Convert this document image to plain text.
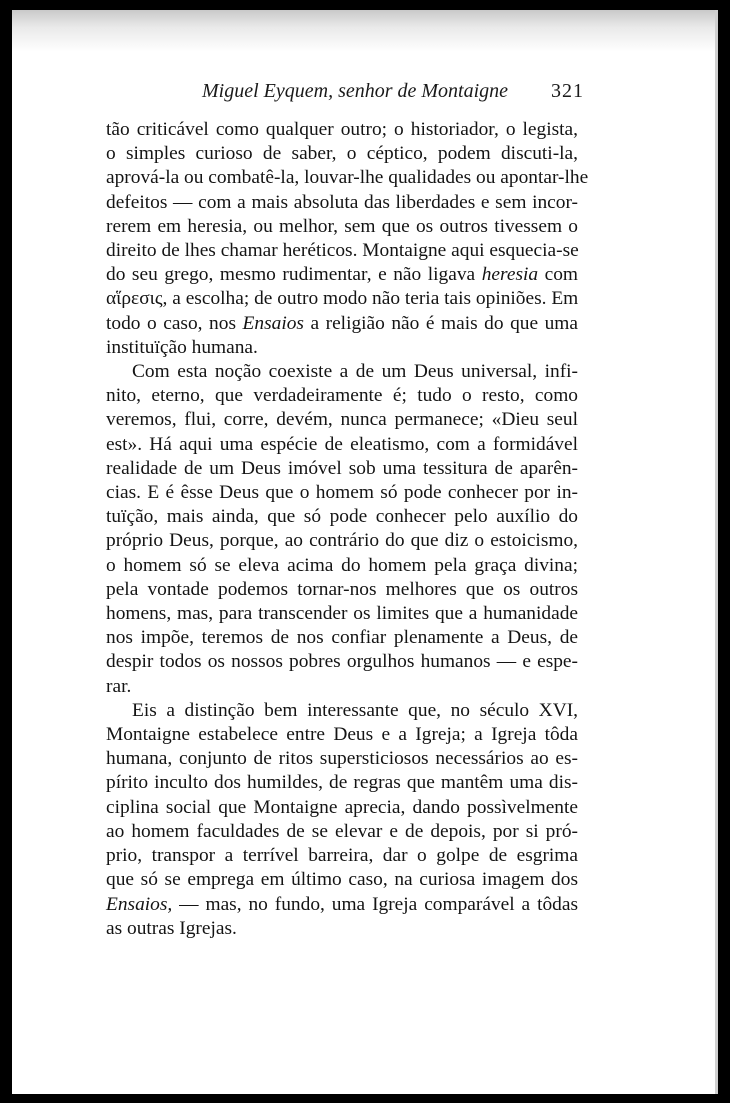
Miguel Eyquem, senhor de Montaigne 321
tão criticável como qualquer outro; o historiador, o legista,
o simples curioso de saber, o céptico, podem discuti-la,
aprová-la ou combatê-la, louvar-lhe qualidades ou apontar-lhe
defeitos — com a mais absoluta das liberdades e sem incor-
rerem em heresia, ou melhor, sem que os outros tivessem o
direito de lhes chamar heréticos. Montaigne aqui esquecia-se
do seu grego, mesmo rudimentar, e não ligava heresia com
αἵρεσις, a escolha; de outro modo não teria tais opiniões. Em
todo o caso, nos Ensaios a religião não é mais do que uma
instituïção humana.
Com esta noção coexiste a de um Deus universal, infi-
nito, eterno, que verdadeiramente é; tudo o resto, como
veremos, flui, corre, devém, nunca permanece; «Dieu seul
est». Há aqui uma espécie de eleatismo, com a formidável
realidade de um Deus imóvel sob uma tessitura de aparên-
cias. E é êsse Deus que o homem só pode conhecer por in-
tuïção, mais ainda, que só pode conhecer pelo auxílio do
próprio Deus, porque, ao contrário do que diz o estoicismo,
o homem só se eleva acima do homem pela graça divina;
pela vontade podemos tornar-nos melhores que os outros
homens, mas, para transcender os limites que a humanidade
nos impõe, teremos de nos confiar plenamente a Deus, de
despir todos os nossos pobres orgulhos humanos — e espe-
rar.
Eis a distinção bem interessante que, no século XVI,
Montaigne estabelece entre Deus e a Igreja; a Igreja tôda
humana, conjunto de ritos supersticiosos necessários ao es-
pírito inculto dos humildes, de regras que mantêm uma dis-
ciplina social que Montaigne aprecia, dando possìvelmente
ao homem faculdades de se elevar e de depois, por si pró-
prio, transpor a terrível barreira, dar o golpe de esgrima
que só se emprega em último caso, na curiosa imagem dos
Ensaios, — mas, no fundo, uma Igreja comparável a tôdas
as outras Igrejas.
